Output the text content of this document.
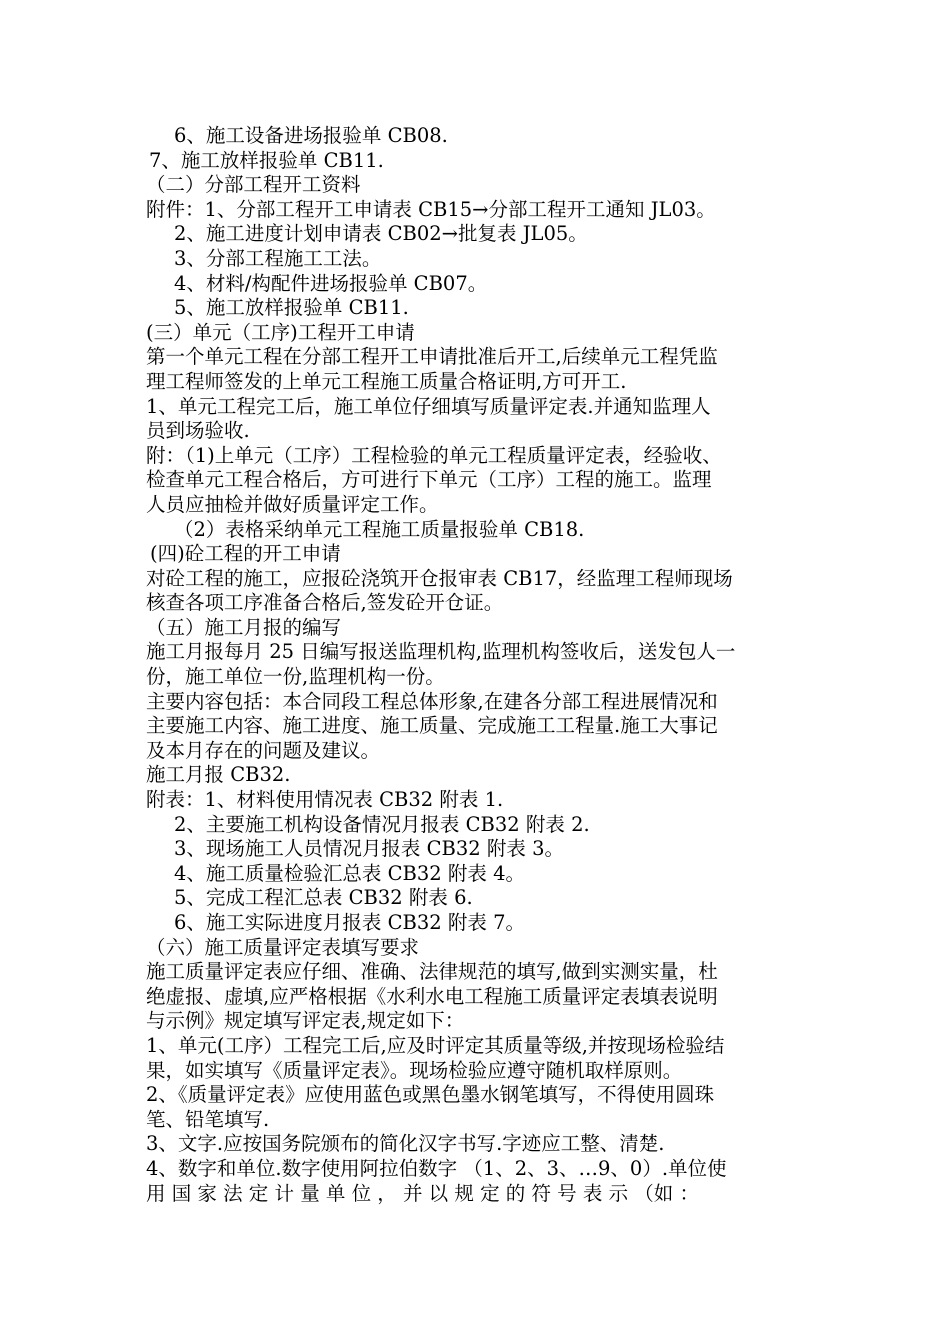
6、施工设备进场报验单 CB08.
7、施工放样报验单 CB11.
（二）分部工程开工资料
附件：1、分部工程开工申请表 CB15→分部工程开工通知 JL03。
2、施工进度计划申请表 CB02→批复表 JL05。
3、分部工程施工工法。
4、材料/构配件进场报验单 CB07。
5、施工放样报验单 CB11.
(三）单元（工序)工程开工申请
第一个单元工程在分部工程开工申请批准后开工,后续单元工程凭监
理工程师签发的上单元工程施工质量合格证明,方可开工.
1、单元工程完工后，施工单位仔细填写质量评定表.并通知监理人
员到场验收.
附：（1)上单元（工序）工程检验的单元工程质量评定表，经验收、
检查单元工程合格后，方可进行下单元（工序）工程的施工。监理
人员应抽检并做好质量评定工作。
（2）表格采纳单元工程施工质量报验单 CB18.
(四)砼工程的开工申请
对砼工程的施工，应报砼浇筑开仓报审表 CB17，经监理工程师现场
核查各项工序准备合格后,签发砼开仓证。
（五）施工月报的编写
施工月报每月 25 日编写报送监理机构,监理机构签收后，送发包人一
份，施工单位一份,监理机构一份。
主要内容包括：本合同段工程总体形象,在建各分部工程进展情况和
主要施工内容、施工进度、施工质量、完成施工工程量.施工大事记
及本月存在的问题及建议。
施工月报 CB32.
附表：1、材料使用情况表 CB32 附表 1.
2、主要施工机构设备情况月报表 CB32 附表 2.
3、现场施工人员情况月报表 CB32 附表 3。
4、施工质量检验汇总表 CB32 附表 4。
5、完成工程汇总表 CB32 附表 6.
6、施工实际进度月报表 CB32 附表 7。
（六）施工质量评定表填写要求
施工质量评定表应仔细、准确、法律规范的填写,做到实测实量，杜
绝虚报、虚填,应严格根据《水利水电工程施工质量评定表填表说明
与示例》规定填写评定表,规定如下：
1、单元(工序）工程完工后,应及时评定其质量等级,并按现场检验结
果，如实填写《质量评定表》。现场检验应遵守随机取样原则。
2、《质量评定表》应使用蓝色或黑色墨水钢笔填写，不得使用圆珠
笔、铅笔填写.
3、文字.应按国务院颁布的简化汉字书写.字迹应工整、清楚.
4、数字和单位.数字使用阿拉伯数字 （1、2、3、…9、0）.单位使
用 国 家 法 定 计 量 单 位 ， 并 以 规 定 的 符 号 表 示 （如 ：
